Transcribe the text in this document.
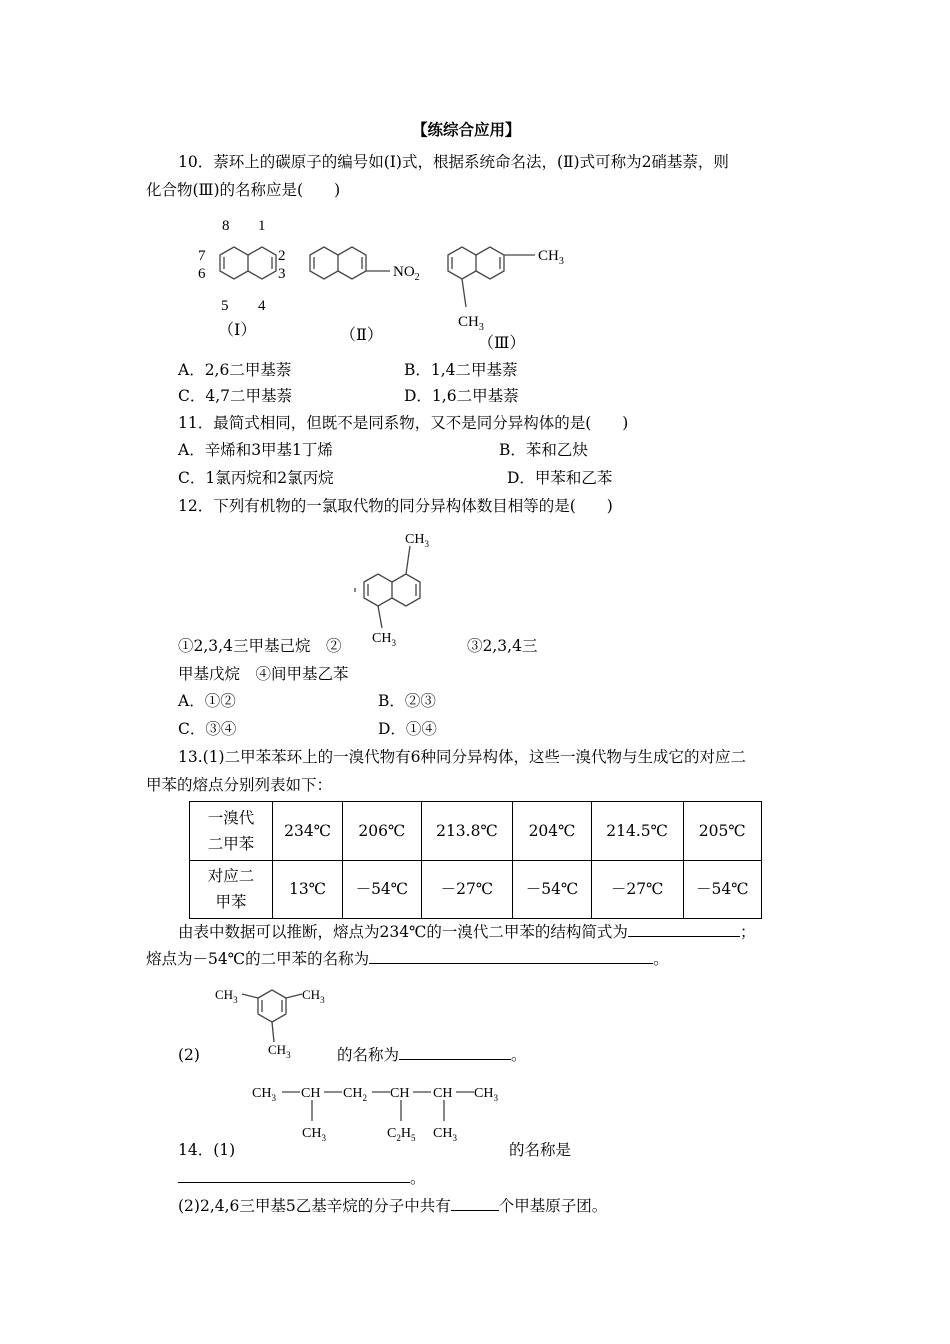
【练综合应用】
10．萘环上的碳原子的编号如(Ⅰ)式，根据系统命名法，(Ⅱ)式可称为2硝基萘，则
化合物(Ⅲ)的名称应是(　　)
8 1
7	2
6	3
5 4
$NO_2$
$CH_3$
$CH_3$
（Ⅰ）	（Ⅱ）	（Ⅲ）
A．2,6二甲基萘	B．1,4二甲基萘
C．4,7二甲基萘	D．1,6二甲基萘
11．最简式相同，但既不是同系物，又不是同分异构体的是(　　)
A．辛烯和3甲基1丁烯	B．苯和乙炔
C．1氯丙烷和2氯丙烷	D．甲苯和乙苯
12．下列有机物的一氯取代物的同分异构体数目相等的是(　　)
$CH_3$
$CH_3$
①2,3,4三甲基己烷　②	③2,3,4三
甲基戊烷　④间甲基乙苯
A．①②	B．②③
C．③④	D．①④
13.(1)二甲苯苯环上的一溴代物有6种同分异构体，这些一溴代物与生成它的对应二
甲苯的熔点分别列表如下：
一溴代
二甲苯	234℃	206℃	213.8℃	204℃	214.5℃	205℃

对应二
甲苯	13℃	－54℃	－27℃	－54℃	－27℃	－54℃
由表中数据可以推断，熔点为234℃的一溴代二甲苯的结构简式为	；
熔点为－54℃的二甲苯的名称为	。
$CH_3$	$CH_3$
$CH_3$
(2)	的名称为	。
$CH_3$ CH $CH_2$ CH CH $CH_3$
$CH_3$	$C_2H_5$ $CH_3$
14．(1)	的名称是
。
(2)2,4,6三甲基5乙基辛烷的分子中共有	个甲基原子团。
